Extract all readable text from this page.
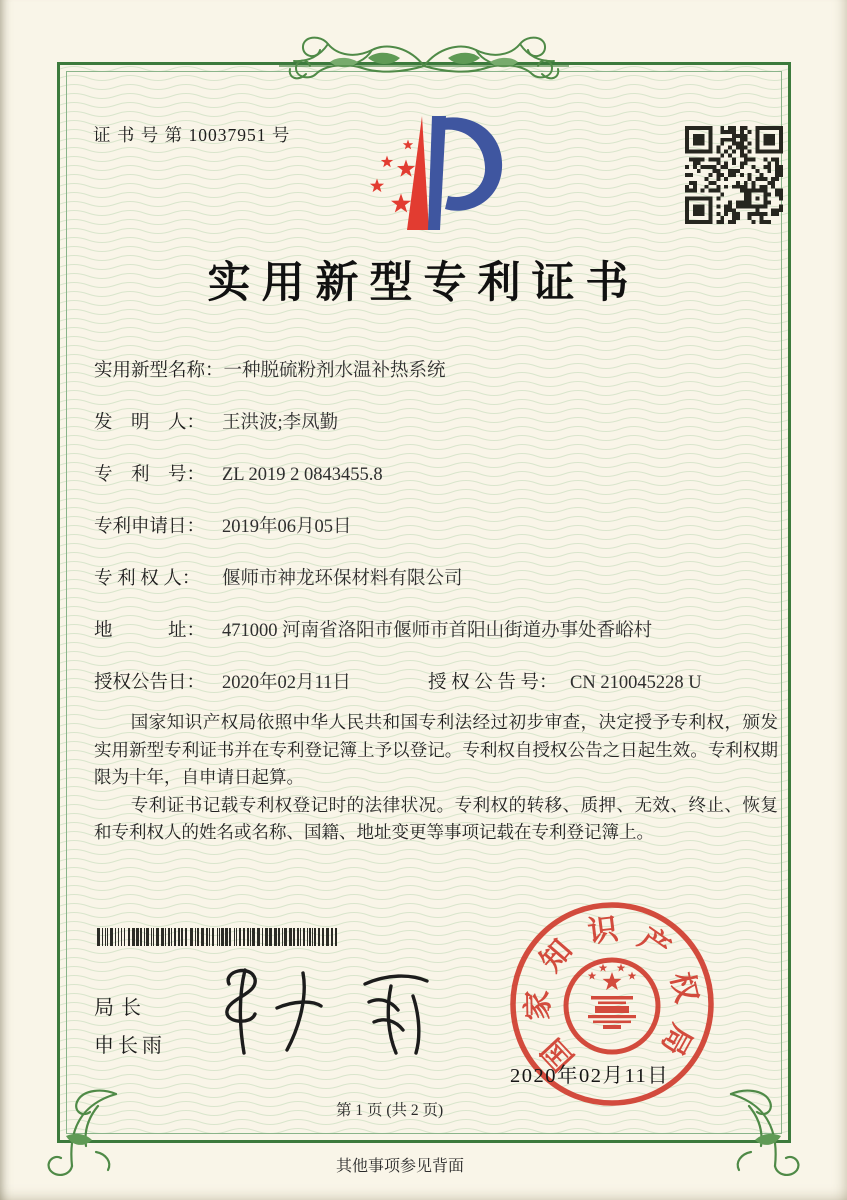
证 书 号 第 10037951 号
实用新型专利证书
实用新型名称： 一种脱硫粉剂水温补热系统
发　明　人： 王洪波;李凤勤
专　利　号： ZL 2019 2 0843455.8
专利申请日： 2019年06月05日
专 利 权 人：	偃师市神龙环保材料有限公司
地　　　址： 471000 河南省洛阳市偃师市首阳山街道办事处香峪村
授权公告日： 2020年02月11日	授 权 公 告 号： CN 210045228 U

国家知识产权局依照中华人民共和国专利法经过初步审查，决定授予专利权，颁发实用新型专利证书并在专利登记簿上予以登记。专利权自授权公告之日起生效。专利权期限为十年，自申请日起算。

专利证书记载专利权登记时的法律状况。专利权的转移、质押、无效、终止、恢复和专利权人的姓名或名称、国籍、地址变更等事项记载在专利登记簿上。

局长
申长雨	国
家
知
识 产
权
局
2020年02月11日
第 1 页 (共 2 页)
其他事项参见背面
